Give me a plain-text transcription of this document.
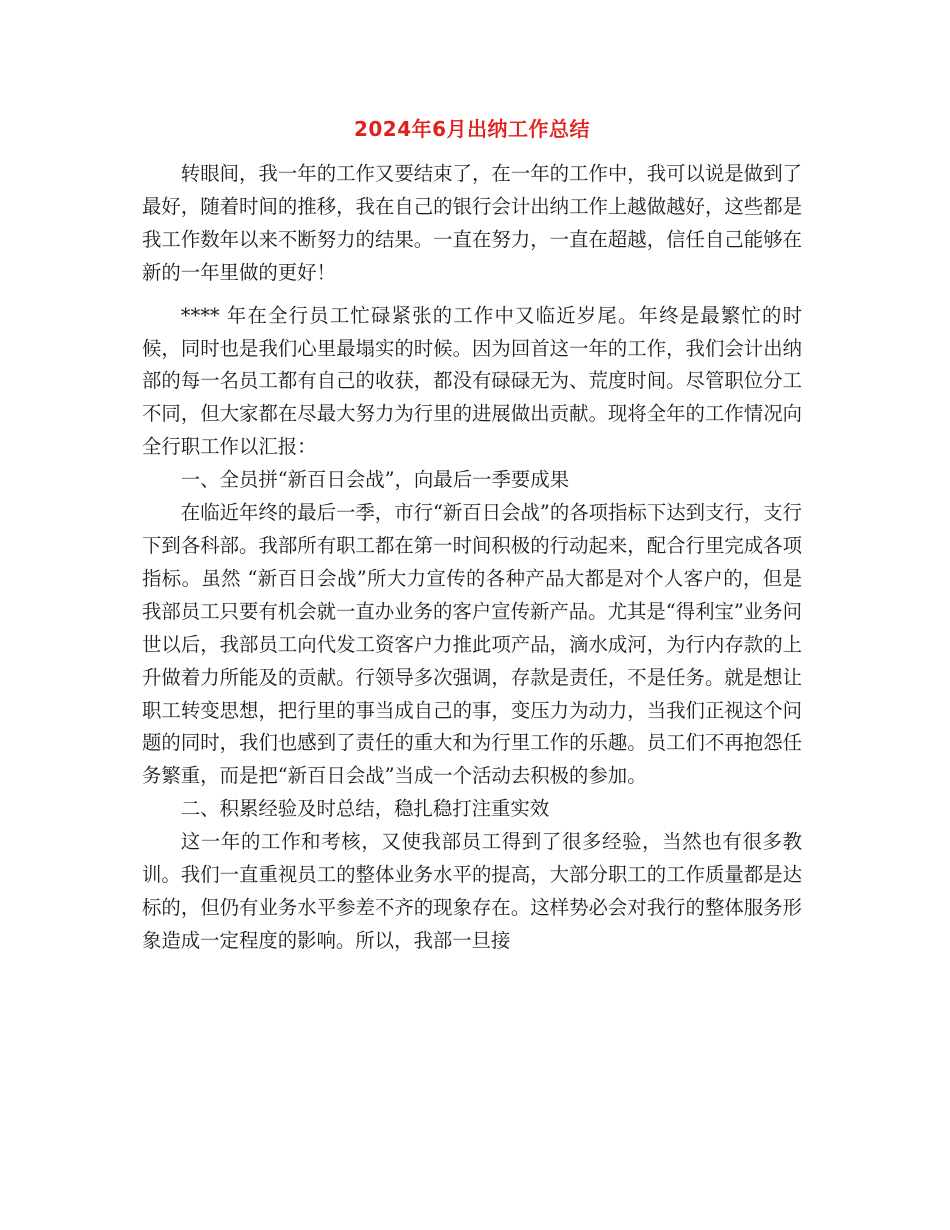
2024年6月出纳工作总结

转眼间，我一年的工作又要结束了，在一年的工作中，我可以说是做到了最好，随着时间的推移，我在自己的银行会计出纳工作上越做越好，这些都是我工作数年以来不断努力的结果。一直在努力，一直在超越，信任自己能够在新的一年里做的更好！

**** 年在全行员工忙碌紧张的工作中又临近岁尾。年终是最繁忙的时候，同时也是我们心里最塌实的时候。因为回首这一年的工作，我们会计出纳部的每一名员工都有自己的收获，都没有碌碌无为、荒度时间。尽管职位分工不同，但大家都在尽最大努力为行里的进展做出贡献。现将全年的工作情况向全行职工作以汇报：

一、全员拼“新百日会战”，向最后一季要成果

在临近年终的最后一季，市行“新百日会战”的各项指标下达到支行，支行下到各科部。我部所有职工都在第一时间积极的行动起来，配合行里完成各项指标。虽然 “新百日会战”所大力宣传的各种产品大都是对个人客户的，但是我部员工只要有机会就一直办业务的客户宣传新产品。尤其是“得利宝”业务问世以后，我部员工向代发工资客户力推此项产品，滴水成河，为行内存款的上升做着力所能及的贡献。行领导多次强调，存款是责任，不是任务。就是想让职工转变思想，把行里的事当成自己的事，变压力为动力，当我们正视这个问题的同时，我们也感到了责任的重大和为行里工作的乐趣。员工们不再抱怨任务繁重，而是把“新百日会战”当成一个活动去积极的参加。

二、积累经验及时总结，稳扎稳打注重实效

这一年的工作和考核，又使我部员工得到了很多经验，当然也有很多教训。我们一直重视员工的整体业务水平的提高，大部分职工的工作质量都是达标的，但仍有业务水平参差不齐的现象存在。这样势必会对我行的整体服务形象造成一定程度的影响。所以，我部一旦接
